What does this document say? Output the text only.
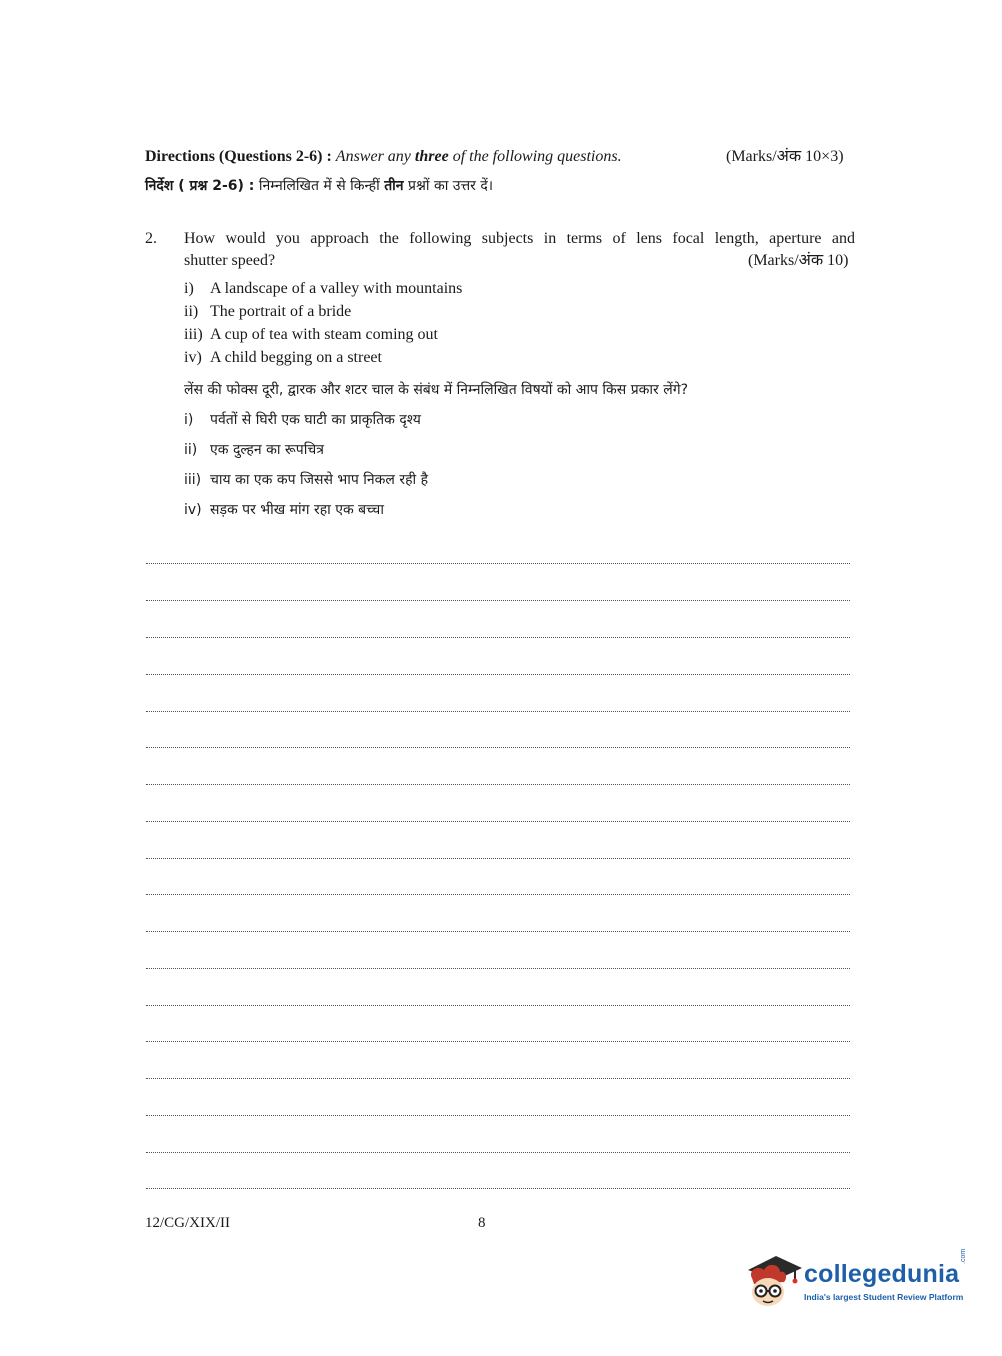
Directions (Questions 2-6) : Answer any three of the following questions.	(Marks/अंक 10×3)
निर्देश ( प्रश्न 2-6) : निम्नलिखित में से किन्हीं तीन प्रश्नों का उत्तर दें।
2. How would you approach the following subjects in terms of lens focal length, aperture and
shutter speed?	(Marks/अंक 10)
i) A landscape of a valley with mountains
ii) The portrait of a bride
iii) A cup of tea with steam coming out
iv) A child begging on a street
लेंस की फोक्स दूरी, द्वारक और शटर चाल के संबंध में निम्नलिखित विषयों को आप किस प्रकार लेंगे?
i) पर्वतों से घिरी एक घाटी का प्राकृतिक दृश्य
ii) एक दुल्हन का रूपचित्र
iii) चाय का एक कप जिससे भाप निकल रही है
iv) सड़क पर भीख मांग रहा एक बच्चा
12/CG/XIX/II	8
collegedunia
.com
India's largest Student Review Platform
